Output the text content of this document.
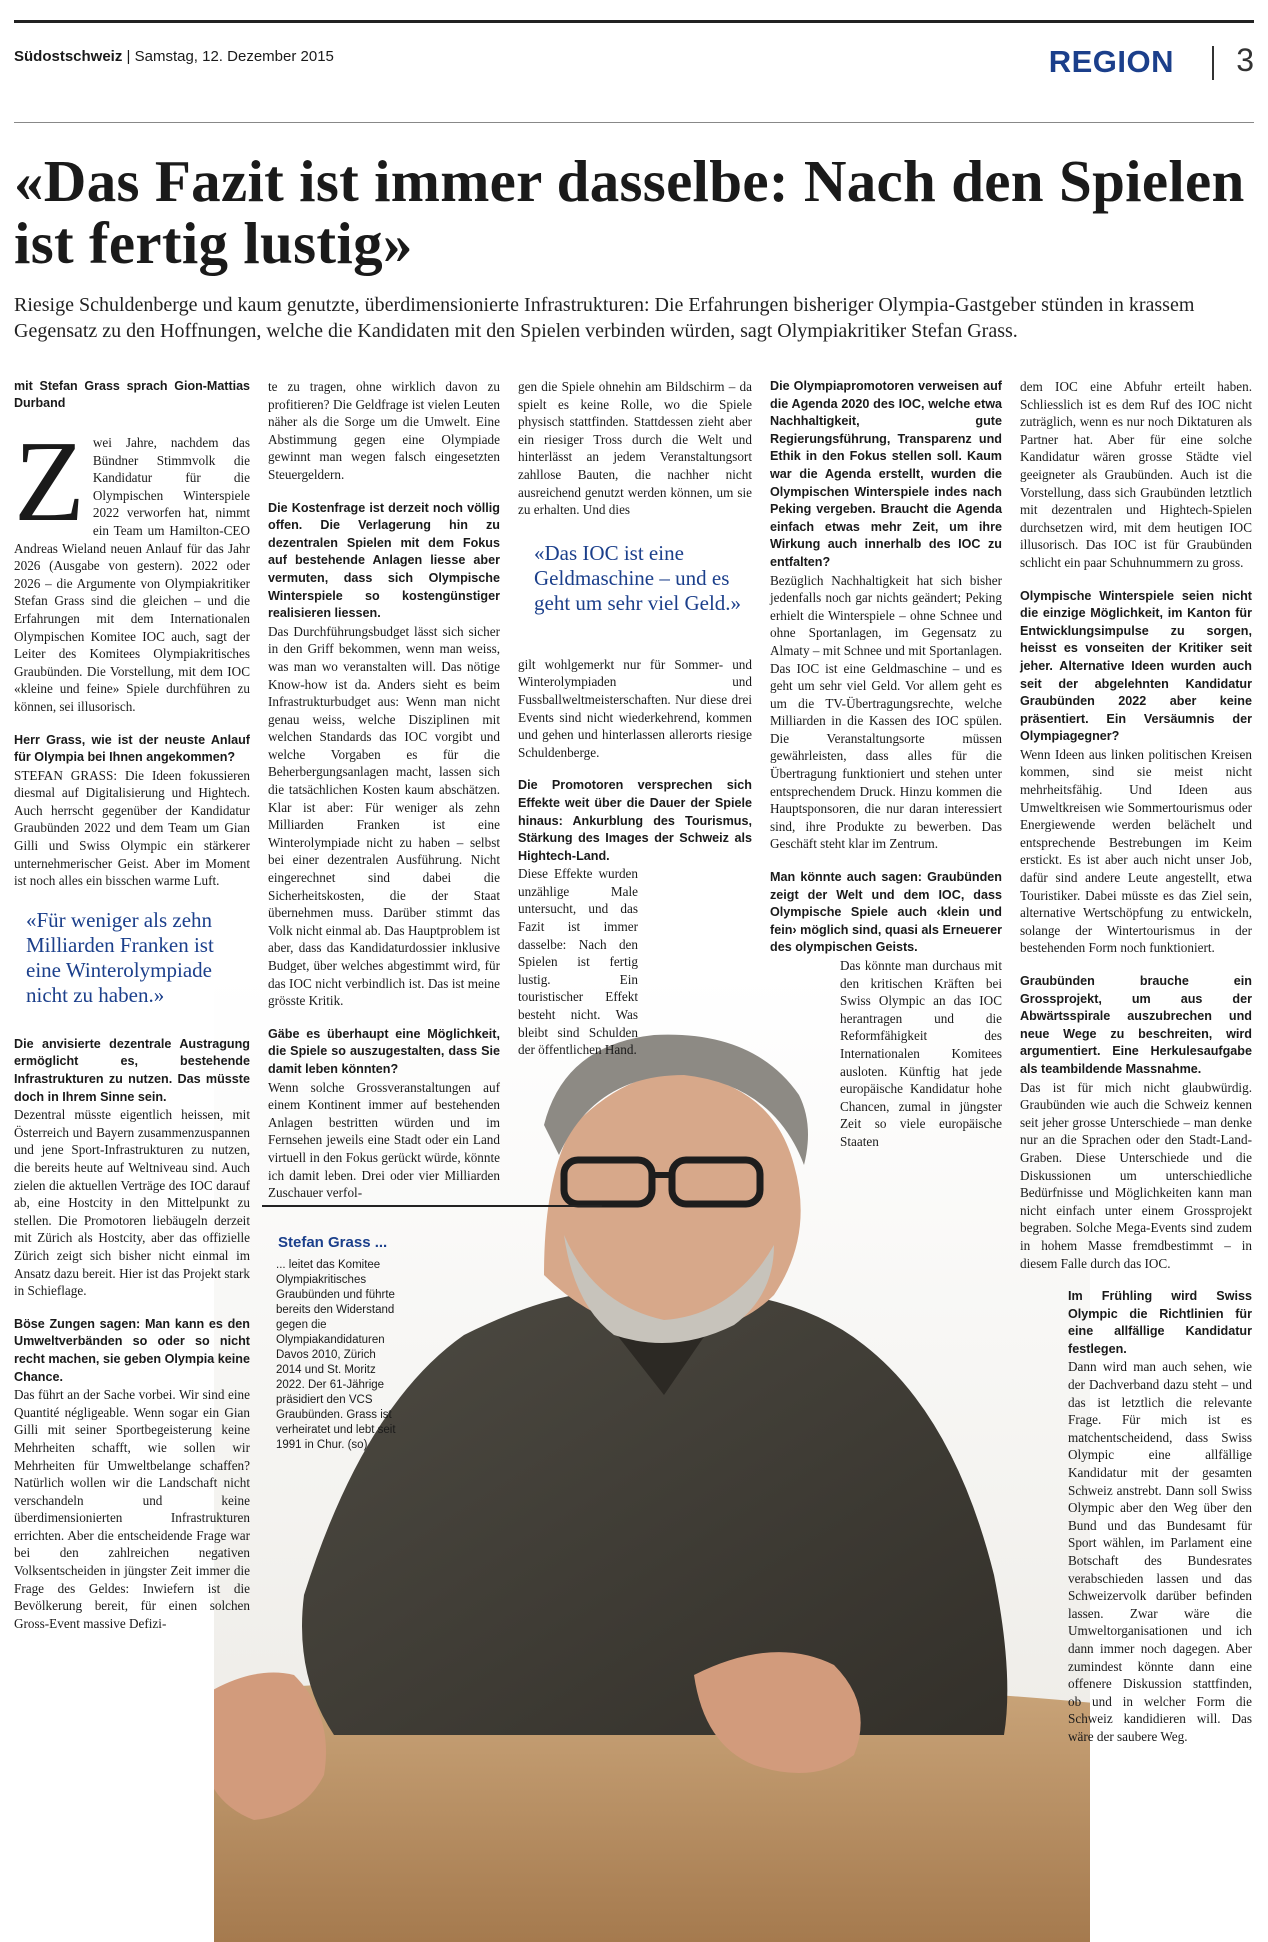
Südostschweiz | Samstag, 12. Dezember 2015	REGION 3
«Das Fazit ist immer dasselbe: Nach den Spielen ist fertig lustig»
Riesige Schuldenberge und kaum genutzte, überdimensionierte Infrastrukturen: Die Erfahrungen bisheriger Olympia-Gastgeber stünden in krassem Gegensatz zu den Hoffnungen, welche die Kandidaten mit den Spielen verbinden würden, sagt Olympiakritiker Stefan Grass.
Stefan Grass ...
... leitet das Komitee Olympiakritisches Graubünden und führte bereits den Widerstand gegen die Olympiakandidaturen Davos 2010, Zürich 2014 und St. Moritz 2022. Der 61-Jährige präsidiert den VCS Graubünden. Grass ist verheiratet und lebt seit 1991 in Chur. (so)
mit Stefan Grass sprach Gion-Mattias Durband

Zwei Jahre, nachdem das Bündner Stimmvolk die Kandidatur für die Olympischen Winterspiele 2022 verworfen hat, nimmt ein Team um Hamilton-CEO Andreas Wieland neuen Anlauf für das Jahr 2026 (Ausgabe von gestern). 2022 oder 2026 – die Argumente von Olympiakritiker Stefan Grass sind die gleichen – und die Erfahrungen mit dem Internationalen Olympischen Komitee IOC auch, sagt der Leiter des Komitees Olympiakritisches Graubünden. Die Vorstellung, mit dem IOC «kleine und feine» Spiele durchführen zu können, sei illusorisch.

Herr Grass, wie ist der neuste Anlauf für Olympia bei Ihnen angekommen?

STEFAN GRASS: Die Ideen fokussieren diesmal auf Digitalisierung und Hightech. Auch herrscht gegenüber der Kandidatur Graubünden 2022 und dem Team um Gian Gilli und Swiss Olympic ein stärkerer unternehmerischer Geist. Aber im Moment ist noch alles ein bisschen warme Luft.

«Für weniger als zehn Milliarden Franken ist eine Winterolympiade nicht zu haben.»

Die anvisierte dezentrale Austragung ermöglicht es, bestehende Infrastrukturen zu nutzen. Das müsste doch in Ihrem Sinne sein.

Dezentral müsste eigentlich heissen, mit Österreich und Bayern zusammenzuspannen und jene Sport-Infrastrukturen zu nutzen, die bereits heute auf Weltniveau sind. Auch zielen die aktuellen Verträge des IOC darauf ab, eine Hostcity in den Mittelpunkt zu stellen. Die Promotoren liebäugeln derzeit mit Zürich als Hostcity, aber das offizielle Zürich zeigt sich bisher nicht einmal im Ansatz dazu bereit. Hier ist das Projekt stark in Schieflage.

Böse Zungen sagen: Man kann es den Umweltverbänden so oder so nicht recht machen, sie geben Olympia keine Chance.

Das führt an der Sache vorbei. Wir sind eine Quantité négligeable. Wenn sogar ein Gian Gilli mit seiner Sportbegeisterung keine Mehrheiten schafft, wie sollen wir Mehrheiten für Umweltbelange schaffen? Natürlich wollen wir die Landschaft nicht verschandeln und keine überdimensionierten Infrastrukturen errichten. Aber die entscheidende Frage war bei den zahlreichen negativen Volksentscheiden in jüngster Zeit immer die Frage des Geldes: Inwiefern ist die Bevölkerung bereit, für einen solchen Gross-Event massive Defizi-

te zu tragen, ohne wirklich davon zu profitieren? Die Geldfrage ist vielen Leuten näher als die Sorge um die Umwelt. Eine Abstimmung gegen eine Olympiade gewinnt man wegen falsch eingesetzten Steuergeldern.

Die Kostenfrage ist derzeit noch völlig offen. Die Verlagerung hin zu dezentralen Spielen mit dem Fokus auf bestehende Anlagen liesse aber vermuten, dass sich Olympische Winterspiele so kostengünstiger realisieren liessen.

Das Durchführungsbudget lässt sich sicher in den Griff bekommen, wenn man weiss, was man wo veranstalten will. Das nötige Know-how ist da. Anders sieht es beim Infrastrukturbudget aus: Wenn man nicht genau weiss, welche Disziplinen mit welchen Standards das IOC vorgibt und welche Vorgaben es für die Beherbergungsanlagen macht, lassen sich die tatsächlichen Kosten kaum abschätzen. Klar ist aber: Für weniger als zehn Milliarden Franken ist eine Winterolympiade nicht zu haben – selbst bei einer dezentralen Ausführung. Nicht eingerechnet sind dabei die Sicherheitskosten, die der Staat übernehmen muss. Darüber stimmt das Volk nicht einmal ab. Das Hauptproblem ist aber, dass das Kandidaturdossier inklusive Budget, über welches abgestimmt wird, für das IOC nicht verbindlich ist. Das ist meine grösste Kritik.

Gäbe es überhaupt eine Möglichkeit, die Spiele so auszugestalten, dass Sie damit leben könnten?

Wenn solche Grossveranstaltungen auf einem Kontinent immer auf bestehenden Anlagen bestritten würden und im Fernsehen jeweils eine Stadt oder ein Land virtuell in den Fokus gerückt würde, könnte ich damit leben. Drei oder vier Milliarden Zuschauer verfol-

gen die Spiele ohnehin am Bildschirm – da spielt es keine Rolle, wo die Spiele physisch stattfinden. Stattdessen zieht aber ein riesiger Tross durch die Welt und hinterlässt an jedem Veranstaltungsort zahllose Bauten, die nachher nicht ausreichend genutzt werden können, um sie zu erhalten. Und dies

«Das IOC ist eine Geldmaschine – und es geht um sehr viel Geld.»

gilt wohlgemerkt nur für Sommer- und Winterolympiaden und Fussballweltmeisterschaften. Nur diese drei Events sind nicht wiederkehrend, kommen und gehen und hinterlassen allerorts riesige Schuldenberge.

Die Promotoren versprechen sich Effekte weit über die Dauer der Spiele hinaus: Ankurblung des Tourismus, Stärkung des Images der Schweiz als Hightech-Land.

Diese Effekte wurden unzählige Male untersucht, und das Fazit ist immer dasselbe: Nach den Spielen ist fertig lustig. Ein touristischer Effekt besteht nicht. Was bleibt sind Schulden der öffentlichen Hand.

Die Olympiapromotoren verweisen auf die Agenda 2020 des IOC, welche etwa Nachhaltigkeit, gute Regierungsführung, Transparenz und Ethik in den Fokus stellen soll. Kaum war die Agenda erstellt, wurden die Olympischen Winterspiele indes nach Peking vergeben. Braucht die Agenda einfach etwas mehr Zeit, um ihre Wirkung auch innerhalb des IOC zu entfalten?

Bezüglich Nachhaltigkeit hat sich bisher jedenfalls noch gar nichts geändert; Peking erhielt die Winterspiele – ohne Schnee und ohne Sportanlagen, im Gegensatz zu Almaty – mit Schnee und mit Sportanlagen. Das IOC ist eine Geldmaschine – und es geht um sehr viel Geld. Vor allem geht es um die TV-Übertragungsrechte, welche Milliarden in die Kassen des IOC spülen. Die Veranstaltungsorte müssen gewährleisten, dass alles für die Übertragung funktioniert und stehen unter entsprechendem Druck. Hinzu kommen die Hauptsponsoren, die nur daran interessiert sind, ihre Produkte zu bewerben. Das Geschäft steht klar im Zentrum.

Man könnte auch sagen: Graubünden zeigt der Welt und dem IOC, dass Olympische Spiele auch ‹klein und fein› möglich sind, quasi als Erneuerer des olympischen Geists.

Das könnte man durchaus mit den kritischen Kräften bei Swiss Olympic an das IOC herantragen und die Reformfähigkeit des Internationalen Komitees ausloten. Künftig hat jede europäische Kandidatur hohe Chancen, zumal in jüngster Zeit so viele europäische Staaten

dem IOC eine Abfuhr erteilt haben. Schliesslich ist es dem Ruf des IOC nicht zuträglich, wenn es nur noch Diktaturen als Partner hat. Aber für eine solche Kandidatur wären grosse Städte viel geeigneter als Graubünden. Auch ist die Vorstellung, dass sich Graubünden letztlich mit dezentralen und Hightech-Spielen durchsetzen wird, mit dem heutigen IOC illusorisch. Das IOC ist für Graubünden schlicht ein paar Schuhnummern zu gross.

Olympische Winterspiele seien nicht die einzige Möglichkeit, im Kanton für Entwicklungsimpulse zu sorgen, heisst es vonseiten der Kritiker seit jeher. Alternative Ideen wurden auch seit der abgelehnten Kandidatur Graubünden 2022 aber keine präsentiert. Ein Versäumnis der Olympiagegner?

Wenn Ideen aus linken politischen Kreisen kommen, sind sie meist nicht mehrheitsfähig. Und Ideen aus Umweltkreisen wie Sommertourismus oder Energiewende werden belächelt und entsprechende Bestrebungen im Keim erstickt. Es ist aber auch nicht unser Job, dafür sind andere Leute angestellt, etwa Touristiker. Dabei müsste es das Ziel sein, alternative Wertschöpfung zu entwickeln, solange der Wintertourismus in der bestehenden Form noch funktioniert.

Graubünden brauche ein Grossprojekt, um aus der Abwärtsspirale auszubrechen und neue Wege zu beschreiten, wird argumentiert. Eine Herkulesaufgabe als teambildende Massnahme.

Das ist für mich nicht glaubwürdig. Graubünden wie auch die Schweiz kennen seit jeher grosse Unterschiede – man denke nur an die Sprachen oder den Stadt-Land-Graben. Diese Unterschiede und die Diskussionen um unterschiedliche Bedürfnisse und Möglichkeiten kann man nicht einfach unter einem Grossprojekt begraben. Solche Mega-Events sind zudem in hohem Masse fremdbestimmt – in diesem Falle durch das IOC.

Im Frühling wird Swiss Olympic die Richtlinien für eine allfällige Kandidatur festlegen.

Dann wird man auch sehen, wie der Dachverband dazu steht – und das ist letztlich die relevante Frage. Für mich ist es matchentscheidend, dass Swiss Olympic eine allfällige Kandidatur mit der gesamten Schweiz anstrebt. Dann soll Swiss Olympic aber den Weg über den Bund und das Bundesamt für Sport wählen, im Parlament eine Botschaft des Bundesrates verabschieden lassen und das Schweizervolk darüber befinden lassen. Zwar wäre die Umweltorganisationen und ich dann immer noch dagegen. Aber zumindest könnte dann eine offenere Diskussion stattfinden, ob und in welcher Form die Schweiz kandidieren will. Das wäre der saubere Weg.
